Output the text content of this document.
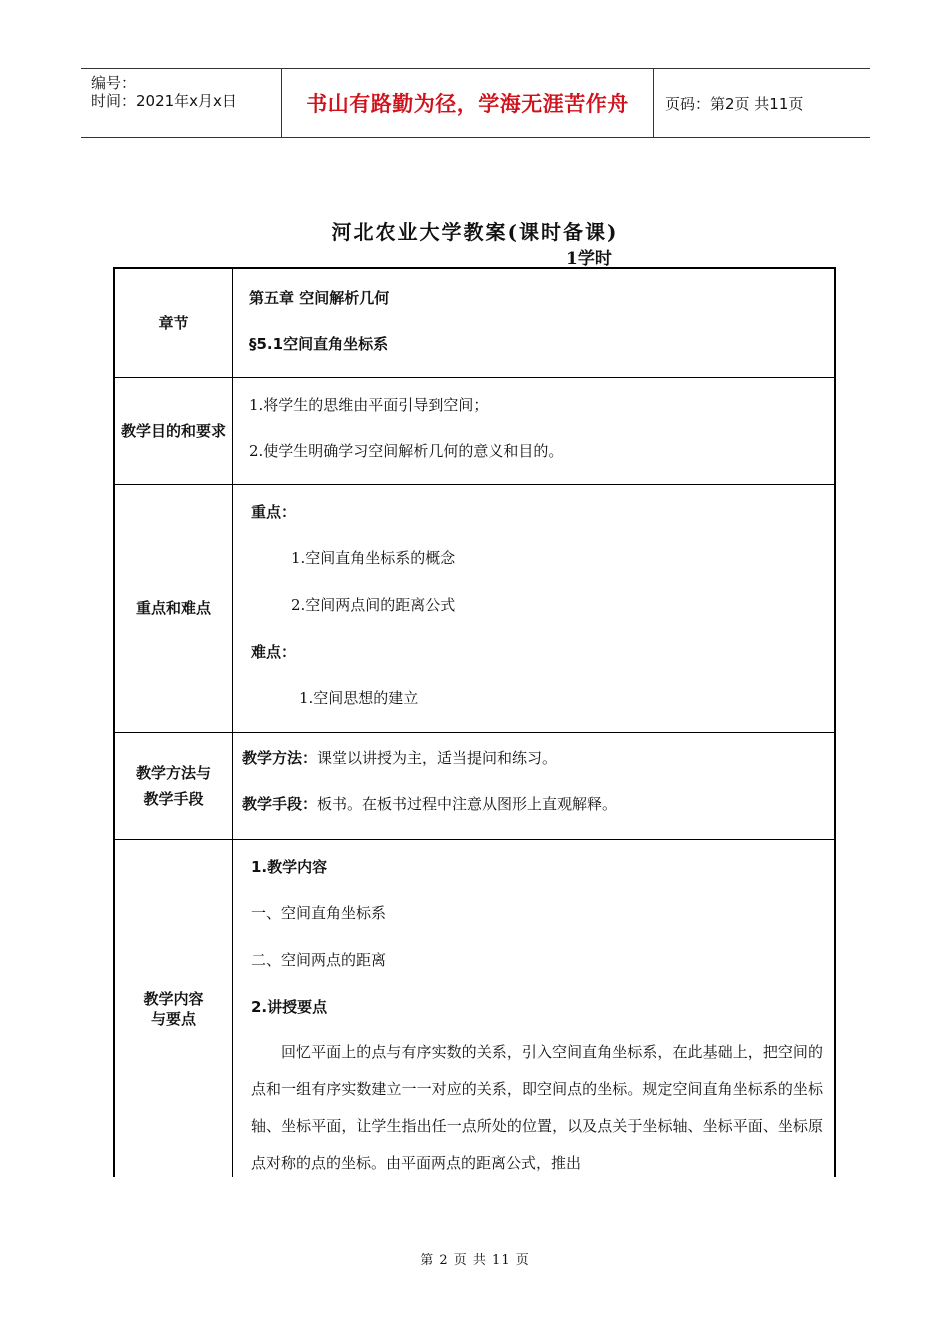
编号：
时间：2021年x月x日	书山有路勤为径，学海无涯苦作舟	页码：第2页 共11页
河北农业大学教案(课时备课)
1学时
章节
第五章 空间解析几何
§5.1空间直角坐标系
教学目的和要求
1.将学生的思维由平面引导到空间；
2.使学生明确学习空间解析几何的意义和目的。
重点和难点
重点：
1.空间直角坐标系的概念
2.空间两点间的距离公式
难点：
1.空间思想的建立
教学方法与
教学手段
教学方法：课堂以讲授为主，适当提问和练习。
教学手段：板书。在板书过程中注意从图形上直观解释。
教学内容
与要点
1.教学内容
一、空间直角坐标系
二、空间两点的距离
2.讲授要点
回忆平面上的点与有序实数的关系，引入空间直角坐标系，在此基础上，把空间的点和一组有序实数建立一一对应的关系，即空间点的坐标。规定空间直角坐标系的坐标轴、坐标平面，让学生指出任一点所处的位置，以及点关于坐标轴、坐标平面、坐标原点对称的点的坐标。由平面两点的距离公式，推出
第 2 页 共 11 页
